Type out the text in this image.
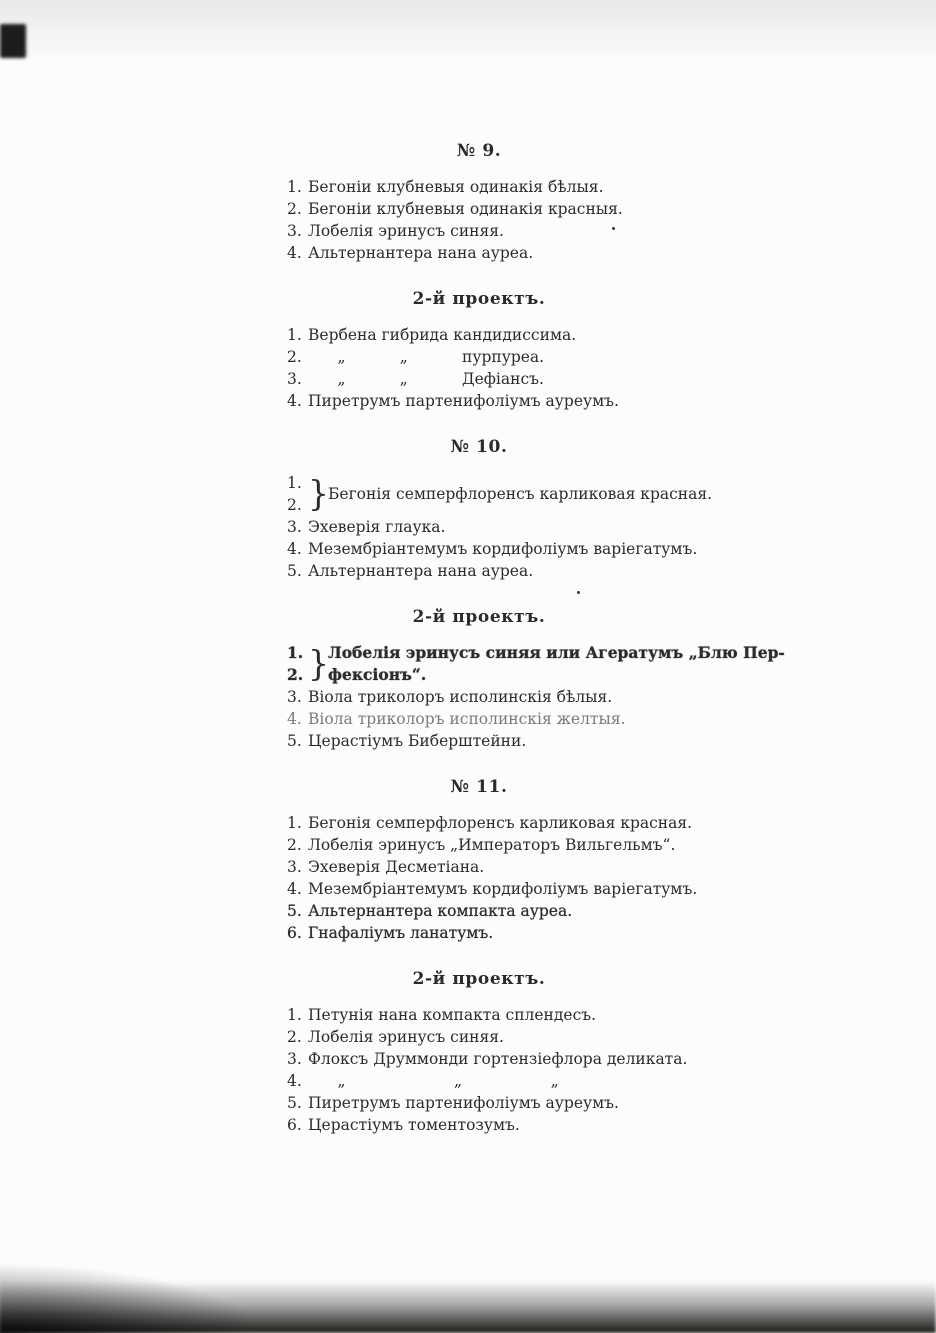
№ 9.
1. Бегоніи клубневыя одинакія бѣлыя.
2. Бегоніи клубневыя одинакія красныя.
3. Лобелія эринусъ синяя.
4. Альтернантера нана ауреа.
2-й проектъ.
1. Вербена гибрида кандидиссима.
2. „           „           пурпуреа.
3. „           „           Дефіансъ.
4. Пиретрумъ партенифоліумъ ауреумъ.
№ 10.
1.
2. } Бегонія семперфлоренсъ карликовая красная.
3. Эхеверія глаука.
4. Мезембріантемумъ кордифоліумъ варіегатумъ.
5. Альтернантера нана ауреа.
2-й проектъ.
1.
2. } Лобелія эринусъ синяя или Агератумъ „Блю Пер-
фексіонъ“.
3. Віола триколоръ исполинскія бѣлыя.
4. Віола триколоръ исполинскія желтыя.
5. Церастіумъ Биберштейни.
№ 11.
1. Бегонія семперфлоренсъ карликовая красная.
2. Лобелія эринусъ „Императоръ Вильгельмъ“.
3. Эхеверія Десметіана.
4. Мезембріантемумъ кордифоліумъ варіегатумъ.
5. Альтернантера компакта ауреа.
6. Гнафаліумъ ланатумъ.
2-й проектъ.
1. Петунія нана компакта сплендесъ.
2. Лобелія эринусъ синяя.
3. Флоксъ Друммонди гортензіефлора деликата.
4. „                      „                  „
5. Пиретрумъ партенифоліумъ ауреумъ.
6. Церастіумъ томентозумъ.
